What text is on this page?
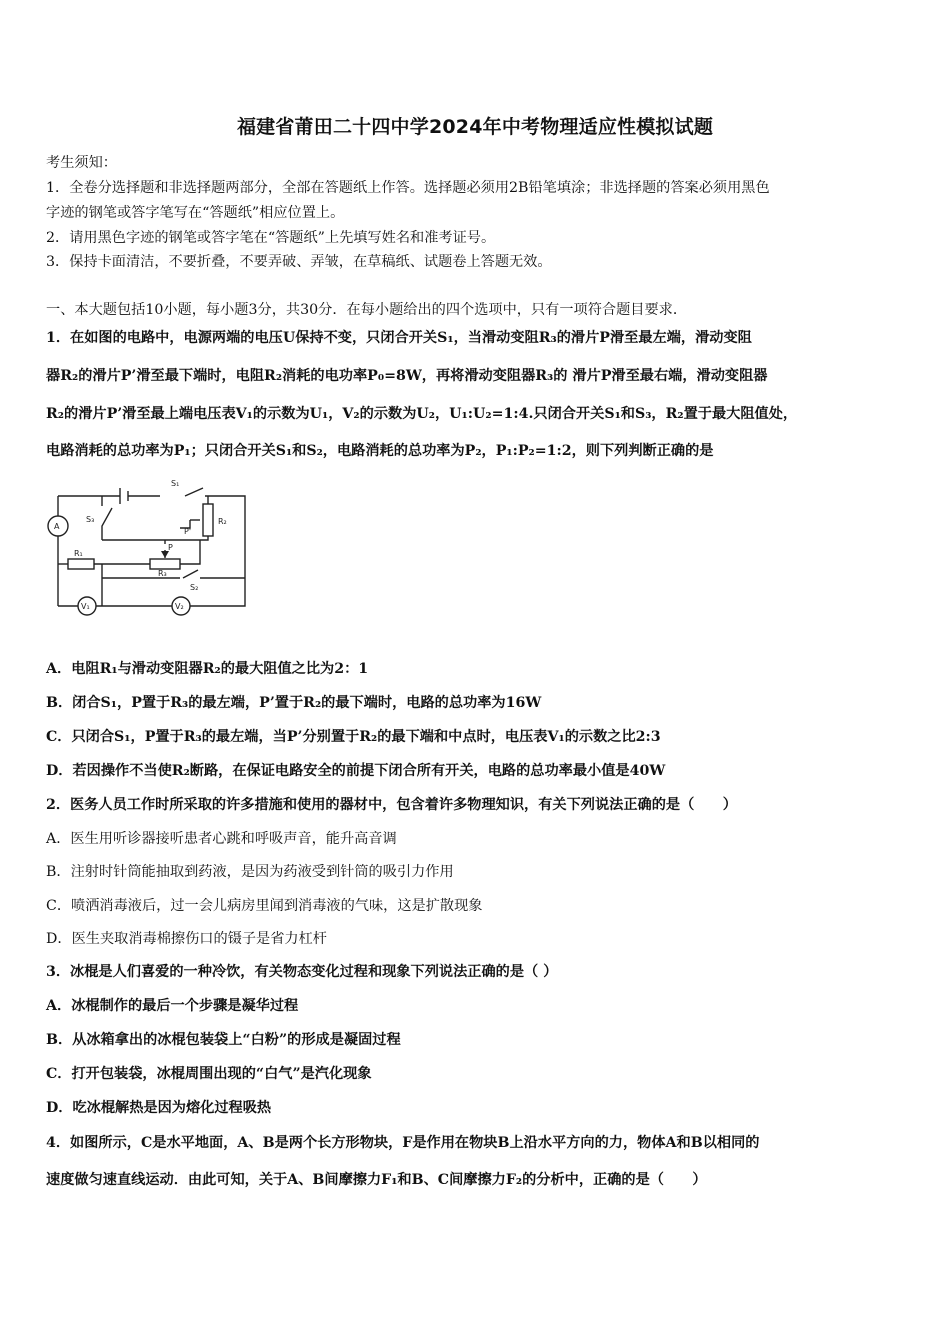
福建省莆田二十四中学2024年中考物理适应性模拟试题
考生须知：
1．全卷分选择题和非选择题两部分，全部在答题纸上作答。选择题必须用2B铅笔填涂；非选择题的答案必须用黑色
字迹的钢笔或答字笔写在“答题纸”相应位置上。
2．请用黑色字迹的钢笔或答字笔在“答题纸”上先填写姓名和准考证号。
3．保持卡面清洁，不要折叠，不要弄破、弄皱，在草稿纸、试题卷上答题无效。
一、本大题包括10小题，每小题3分，共30分．在每小题给出的四个选项中，只有一项符合题目要求．
1．在如图的电路中，电源两端的电压U保持不变，只闭合开关S₁，当滑动变阻R₃的滑片P滑至最左端，滑动变阻
器R₂的滑片P’滑至最下端时，电阻R₂消耗的电功率P₀=8W，再将滑动变阻器R₃的 滑片P滑至最右端，滑动变阻器
R₂的滑片P’滑至最上端电压表V₁的示数为U₁，V₂的示数为U₂，U₁:U₂=1:4.只闭合开关S₁和S₃，R₂置于最大阻值处，
电路消耗的总功率为P₁；只闭合开关S₁和S₂，电路消耗的总功率为P₂，P₁:P₂=1:2，则下列判断正确的是
A
V₁	V₂
S₁
S₃
S₂
R₁
R₂
R₃
P
P'
A．电阻R₁与滑动变阻器R₂的最大阻值之比为2：1
B．闭合S₁，P置于R₃的最左端，P’置于R₂的最下端时，电路的总功率为16W
C．只闭合S₁，P置于R₃的最左端，当P’分别置于R₂的最下端和中点时，电压表V₁的示数之比2:3
D．若因操作不当使R₂断路，在保证电路安全的前提下闭合所有开关，电路的总功率最小值是40W
2．医务人员工作时所采取的许多措施和使用的器材中，包含着许多物理知识，有关下列说法正确的是（　　）
A．医生用听诊器接听患者心跳和呼吸声音，能升高音调
B．注射时针筒能抽取到药液，是因为药液受到针筒的吸引力作用
C．喷洒消毒液后，过一会儿病房里闻到消毒液的气味，这是扩散现象
D．医生夹取消毒棉擦伤口的镊子是省力杠杆
3．冰棍是人们喜爱的一种冷饮，有关物态变化过程和现象下列说法正确的是（ ）
A．冰棍制作的最后一个步骤是凝华过程
B．从冰箱拿出的冰棍包装袋上“白粉”的形成是凝固过程
C．打开包装袋，冰棍周围出现的“白气”是汽化现象
D．吃冰棍解热是因为熔化过程吸热
4．如图所示，C是水平地面，A、B是两个长方形物块，F是作用在物块B上沿水平方向的力，物体A和B以相同的
速度做匀速直线运动．由此可知，关于A、B间摩擦力F₁和B、C间摩擦力F₂的分析中，正确的是（　　）
